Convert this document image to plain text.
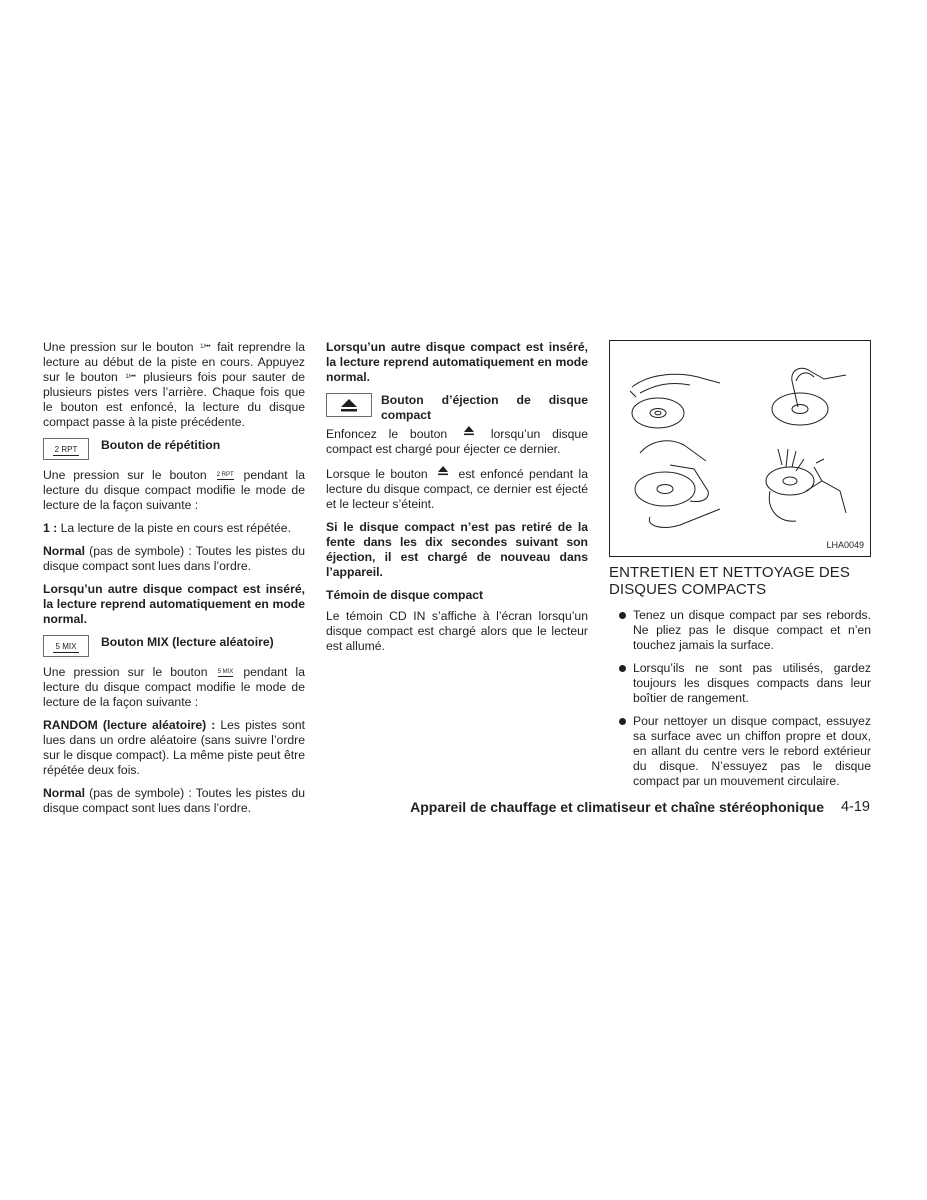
Une pression sur le bouton 1/⏮ fait reprendre la lecture au début de la piste en cours. Appuyez sur le bouton 1/⏮ plusieurs fois pour sauter de plusieurs pistes vers l’arrière. Chaque fois que le bouton est enfoncé, la lecture du disque compact passe à la piste précédente.

2 RPT	Bouton de répétition

Une pression sur le bouton 2 RPT pendant la lecture du disque compact modifie le mode de lecture de la façon suivante :

1 : La lecture de la piste en cours est répétée.

Normal (pas de symbole) : Toutes les pistes du disque compact sont lues dans l’ordre.

Lorsqu’un autre disque compact est inséré, la lecture reprend automatiquement en mode normal.

5 MIX	Bouton MIX (lecture aléatoire)

Une pression sur le bouton 5 MIX pendant la lecture du disque compact modifie le mode de lecture de la façon suivante :

RANDOM (lecture aléatoire) : Les pistes sont lues dans un ordre aléatoire (sans suivre l’ordre sur le disque compact). La même piste peut être répétée deux fois.

Normal (pas de symbole) : Toutes les pistes du disque compact sont lues dans l’ordre.

Lorsqu’un autre disque compact est inséré, la lecture reprend automatiquement en mode normal.

Bouton d’éjection de disque compact

Enfoncez le bouton	lorsqu’un disque compact est chargé pour éjecter ce dernier.

Lorsque le bouton	est enfoncé pendant la lecture du disque compact, ce dernier est éjecté et le lecteur s’éteint.

Si le disque compact n’est pas retiré de la fente dans les dix secondes suivant son éjection, il est chargé de nouveau dans l’appareil.

Témoin de disque compact

Le témoin CD IN s’affiche à l’écran lorsqu’un disque compact est chargé alors que le lecteur est allumé.

LHA0049
ENTRETIEN ET NETTOYAGE DES DISQUES COMPACTS
Tenez un disque compact par ses rebords. Ne pliez pas le disque compact et n’en touchez jamais la surface.
Lorsqu’ils ne sont pas utilisés, gardez toujours les disques compacts dans leur boîtier de rangement.
Pour nettoyer un disque compact, essuyez sa surface avec un chiffon propre et doux, en allant du centre vers le rebord extérieur du disque. N’essuyez pas le disque compact par un mouvement circulaire.
Appareil de chauffage et climatiseur et chaîne stéréophonique 4-19
